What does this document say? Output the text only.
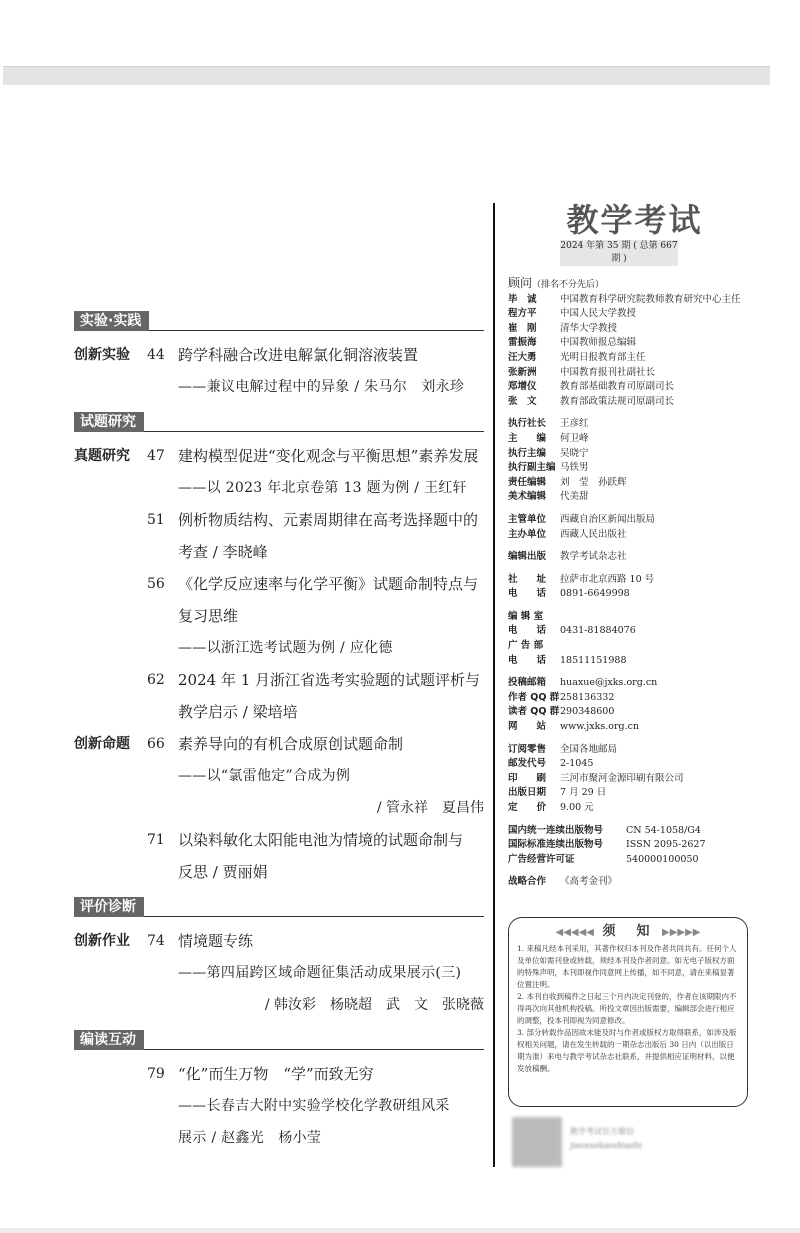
实验·实践
创新实验 44 跨学科融合改进电解氯化铜溶液装置
——兼议电解过程中的异象 / 朱马尔　刘永珍
试题研究
真题研究 47 建构模型促进“变化观念与平衡思想”素养发展
——以 2023 年北京卷第 13 题为例 / 王红轩
51 例析物质结构、元素周期律在高考选择题中的
考查 / 李晓峰
56 《化学反应速率与化学平衡》试题命制特点与
复习思维
——以浙江选考试题为例 / 应化德
62 2024 年 1 月浙江省选考实验题的试题评析与
教学启示 / 梁培培
创新命题 66 素养导向的有机合成原创试题命制
——以“氯雷他定”合成为例
/ 管永祥　夏昌伟
71 以染料敏化太阳能电池为情境的试题命制与
反思 / 贾丽娟
评价诊断
创新作业 74 情境题专练
——第四届跨区域命题征集活动成果展示(三)
/ 韩汝彩　杨晓超　武　文　张晓薇
编读互动
79 “化”而生万物　“学”而致无穷
——长春吉大附中实验学校化学教研组风采
展示 / 赵鑫光　杨小莹
教学考试
2024 年第 35 期 ( 总第 667 期 )
顾问（排名不分先后）
毕　诚	中国教育科学研究院教师教育研究中心主任
程方平	中国人民大学教授
崔　刚	清华大学教授
雷振海	中国教师报总编辑
汪大勇	光明日报教育部主任
张新洲	中国教育报刊社副社长
郑增仪	教育部基础教育司原副司长
张　文	教育部政策法规司原副司长
执行社长	王彦红
主　　编	何卫峰
执行主编	吴晓宁
执行副主编 马铁男
责任编辑	刘　莹　孙跃辉
美术编辑	代美甜
主管单位	西藏自治区新闻出版局
主办单位	西藏人民出版社
编辑出版	教学考试杂志社
社　　址	拉萨市北京西路 10 号
电　　话	0891-6649998
编 辑 室
电　　话	0431-81884076
广 告 部
电　　话	18511151988
投稿邮箱	huaxue@jxks.org.cn
作者 QQ 群 258136332
读者 QQ 群 290348600
网　　站	www.jxks.org.cn
订阅零售	全国各地邮局
邮发代号	2-1045
印　　刷	三河市聚河金源印刷有限公司
出版日期	7 月 29 日
定　　价	9.00 元
国内统一连续出版物号	CN 54-1058/G4
国际标准连续出版物号	ISSN 2095-2627
广告经营许可证	540000100050
战略合作	《高考金刊》
◀◀◀◀◀ 须　知 ▶▶▶▶▶
1. 来稿凡经本刊采用，其著作权归本刊及作者共同共有。任何个人及单位如需刊登或转载，须经本刊及作者同意。如无电子版权方面的特殊声明，本刊即视作同意网上传播，如不同意，请在来稿显著位置注明。
2. 本刊自收到稿件之日起三个月内决定刊登的，作者在该期限内不得再次向其他机构投稿。所投文章因出版需要，编辑部会进行相应的调整，投本刊即视为同意修改。
3. 部分转载作品因故未能及时与作者或版权方取得联系，如涉及版权相关问题，请在发生转载的一期杂志出版后 30 日内（以出版日期为准）来电与教学考试杂志社联系，并提供相应证明材料，以便发放稿酬。
教学考试官方微信
jiaoxuekaoshiazhi
